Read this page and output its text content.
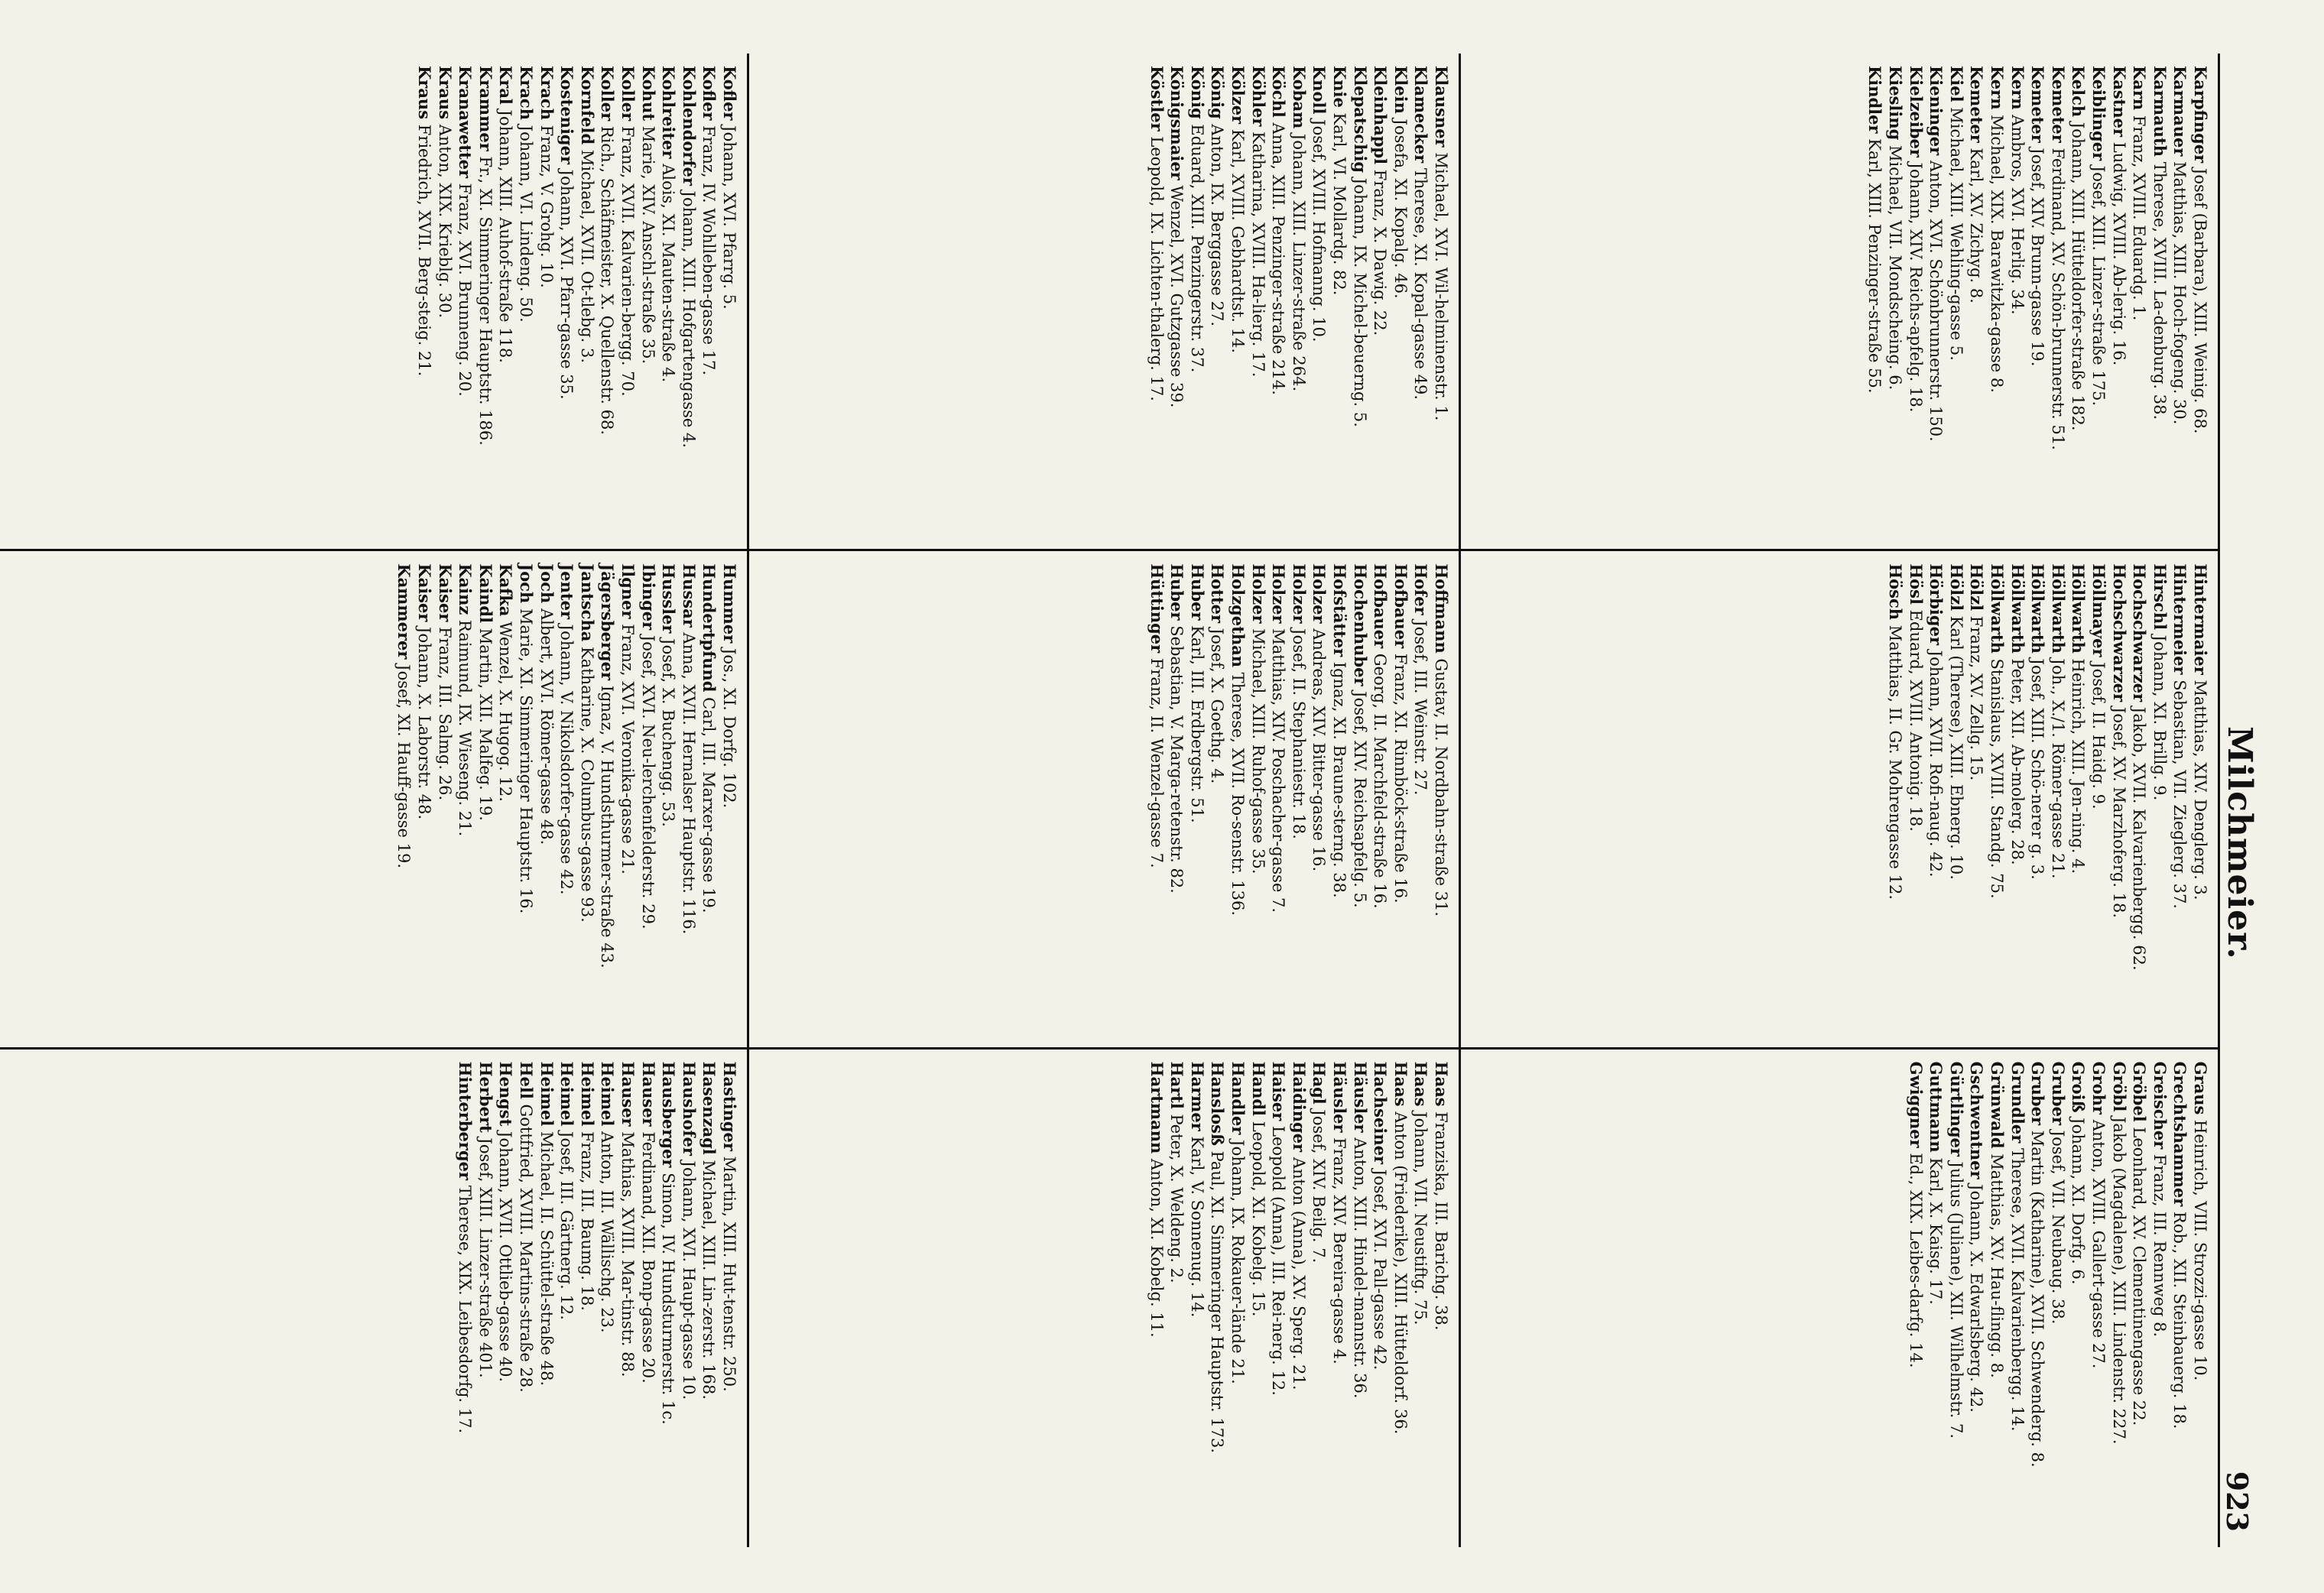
Milchmeier.
923

Karpfinger Josef (Barbara), XIII. Weinig. 68.

Karmauer Matthias, XIII. Hoch-fogeng. 30.

Karmauth Therese, XVIII. La-denburg. 38.

Karn Franz, XVIII. Eduardg. 1.

Kastner Ludwig, XVIII. Ab-lerig. 16.

Keiblinger Josef, XIII. Linzer-straße 175.

Kelch Johann, XIII. Hütteldorfer-straße 182.

Kemeter Ferdinand, XV. Schön-brunnerstr. 51.

Kemeter Josef, XIV. Brunn-gasse 19.

Kern Ambros, XVI. Herlig. 34.

Kern Michael, XIX. Barawitzka-gasse 8.

Kemeter Karl, XV. Zichyg. 8.

Kiel Michael, XIII. Wehling-gasse 5.

Kieninger Anton, XVI. Schönbrunnerstr. 150.

Kielzeiber Johann, XIV. Reichs-apfelg. 18.

Kiesling Michael, VII. Mondscheing. 6.

Kindler Karl, XIII. Penzinger-straße 55.

Hintermaier Matthias, XIV. Denglerg. 3.

Hintermeier Sebastian, VII. Zieglerg. 37.

Hirschl Johann, XI. Brillg. 9.

Hochschwarzer Jakob, XVII. Kalvarienbergg. 62.

Hochschwarzer Josef, XV. Marzhoferg. 18.

Höllmayer Josef, II. Haidg. 9.

Höllwarth Heinrich, XIII. Jen-ning. 4.

Höllwarth Joh., X./1. Römer-gasse 21.

Höllwarth Josef, XIII. Schö-nerer g. 3.

Höllwarth Peter, XII. Ab-molerg. 28.

Höllwarth Stanislaus, XVIII. Standg. 75.

Hölzl Franz, XV. Zellg. 15.

Hölzl Karl (Therese), XIII. Ebnerg. 10.

Hörbiger Johann, XVII. Rofi-naug. 42.

Hösl Eduard, XVIII. Antonig. 18.

Hösch Matthias, II. Gr. Mohrengasse 12.

Graus Heinrich, VIII. Strozzi-gasse 10.

Grechtshammer Rob., XII. Steinbauerg. 18.

Greischer Franz, III. Rennweg 8.

Gröbel Leonhard, XV. Clementinengasse 22.

Gröbl Jakob (Magdalene), XIII. Lindenstr. 227.

Grohr Anton, XVIII. Gallert-gasse 27.

Groiß Johann, XI. Dorfg. 6.

Gruber Josef, VII. Neubaug. 38.

Gruber Martin (Katharine), XVII. Schwenderg. 8.

Grundler Therese, XVII. Kalvarienbergg. 14.

Grünwald Matthias, XV. Hau-flingg. 8.

Gschwentner Johann, X. Edwarlsberg. 42.

Gürtlinger Julius (Juliane), XII. Wilhelmstr. 7.

Guttmann Karl, X. Kaisg. 17.

Gwiggner Ed., XIX. Leibes-darfg. 14.

Klausner Michael, XVI. Wil-helminenstr. 1.

Klamecker Therese, XI. Kopal-gasse 49.

Klein Josefa, XI. Kopalg. 46.

Kleinhappl Franz, X. Dawig. 22.

Klepatschig Johann, IX. Michel-beuerng. 5.

Knie Karl, VI. Mollardg. 82.

Knoll Josef, XVIII. Hofmanng. 10.

Kobam Johann, XIII. Linzer-straße 264.

Köchl Anna, XIII. Penzinger-straße 214.

Köhler Katharina, XVIII. Ha-lierg. 17.

Kölzer Karl, XVIII. Gebhardtst. 14.

König Anton, IX. Berggasse 27.

König Eduard, XIII. Penzingerstr. 37.

Königsmaier Wenzel, XVI. Gutzgasse 39.

Köstler Leopold, IX. Lichten-thalerg. 17.

Hoffmann Gustav, II. Nordbahn-straße 31.

Hofer Josef, III. Weinstr. 27.

Hofbauer Franz, XI. Rinnböck-straße 16.

Hofbauer Georg, II. Marchfeld-straße 16.

Hochenhuber Josef, XIV. Reichsapfelg. 5.

Hofstätter Ignaz, XI. Braune-sterng. 38.

Holzer Andreas, XIV. Bitter-gasse 16.

Holzer Josef, II. Stephaniestr. 18.

Holzer Matthias, XIV. Poschacher-gasse 7.

Holzer Michael, XIII. Ruhof-gasse 35.

Holzgethan Therese, XVII. Ro-senstr. 136.

Hotter Josef, X. Goethg. 4.

Huber Karl, III. Erdbergstr. 51.

Huber Sebastian, V. Marga-retenstr. 82.

Hüttinger Franz, II. Wenzel-gasse 7.

Haas Franziska, III. Barichg. 38.

Haas Johann, VII. Neustiftg. 75.

Haas Anton (Friederike), XIII. Hütteldorf. 36.

Hachseiner Josef, XVI. Pall-gasse 42.

Häusler Anton, XIII. Hindel-mannstr. 36.

Häusler Franz, XIV. Bereira-gasse 4.

Hagl Josef, XIV. Beilg. 7.

Haidinger Anton (Anna), XV. Sperg. 21.

Haiser Leopold (Anna), III. Rei-nerg. 12.

Handl Leopold, XI. Kobelg. 15.

Handler Johann, IX. Rokauer-lände 21.

Hanslosß Paul, XI. Simmeringer Hauptstr. 173.

Harmer Karl, V. Sonnenug. 14.

Hartl Peter, X. Weldeng. 2.

Hartmann Anton, XI. Kobelg. 11.

Kofler Johann, XVI. Pfarrg. 5.

Kofler Franz, IV. Wohlleben-gasse 17.

Kohlendorfer Johann, XIII. Hofgartengasse 4.

Kohlreiter Alois, XI. Mauten-straße 4.

Kohut Marie, XIV. Anschl-straße 35.

Koller Franz, XVII. Kalvarien-bergg. 70.

Koller Rich., Schäfmeister, X. Quellenstr. 68.

Kornfeld Michael, XVII. Ot-tlebg. 3.

Kosteniger Johann, XVI. Pfarr-gasse 35.

Krach Franz, V. Grohg. 10.

Krach Johann, VI. Lindeng. 50.

Kral Johann, XIII. Auhof-straße 118.

Krammer Fr., XI. Simmeringer Hauptstr. 186.

Kranawetter Franz, XVI. Brunneng. 20.

Kraus Anton, XIX. Krieblg. 30.

Kraus Friedrich, XVII. Berg-steig. 21.

Hummer Jos., XI. Dorfg. 102.

Hundertpfund Carl, III. Marxer-gasse 19.

Hussar Anna, XVII. Hernalser Hauptstr. 116.

Hussler Josef, X. Buchengg. 53.

Ibinger Josef, XVI. Neu-lerchenfelderstr. 29.

Ilgner Franz, XVI. Veronika-gasse 21.

Jägersberger Ignaz, V. Hundsthurmer-straße 43.

Jantscha Katharine, X. Columbus-gasse 93.

Jenter Johann, V. Nikolsdorfer-gasse 42.

Joch Albert, XVI. Römer-gasse 48.

Joch Marie, XI. Simmeringer Hauptstr. 16.

Kafka Wenzel, X. Hugog. 12.

Kaindl Martin, XII. Malfeg. 19.

Kainz Raimund, IX. Wieseng. 21.

Kaiser Franz, III. Salmg. 26.

Kaiser Johann, X. Laborstr. 48.

Kammerer Josef, XI. Hauff-gasse 19.

Hastinger Martin, XIII. Hut-tenstr. 250.

Hasenzagl Michael, XIII. Lin-zerstr. 168.

Haushofer Johann, XVI. Haupt-gasse 10.

Hausberger Simon, IV. Hundsturmerstr. 1c.

Hauser Ferdinand, XII. Bonp-gasse 20.

Hauser Mathias, XVIII. Mar-tinstr. 88.

Heimel Anton, III. Wällischg. 23.

Heimel Franz, III. Baumg. 18.

Heimel Josef, III. Gärtnerg. 12.

Heimel Michael, II. Schüttel-straße 48.

Hell Gottfried, XVIII. Martins-straße 28.

Hengst Johann, XVII. Ottlieb-gasse 40.

Herbert Josef, XIII. Linzer-straße 401.

Hinterberger Therese, XIX. Leibesdorfg. 17.
